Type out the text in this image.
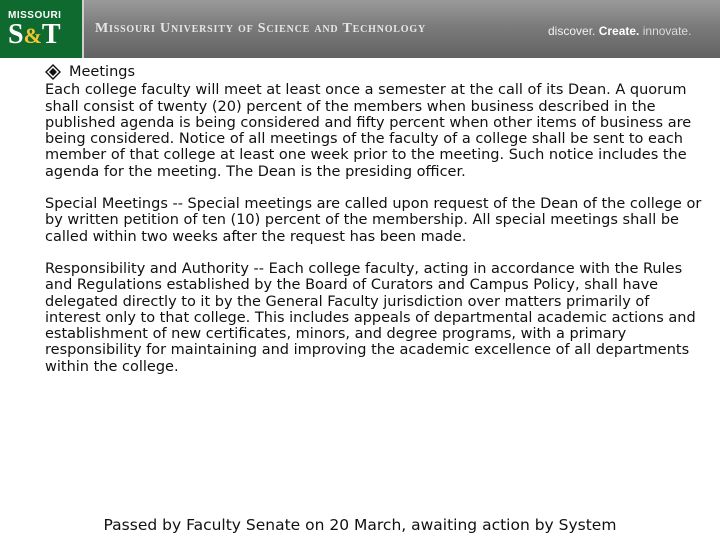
MISSOURI
S&T Missouri University of Science and Technology	discover. Create. innovate.
Meetings

Each college faculty will meet at least once a semester at the call of its Dean. A quorum shall consist of twenty (20) percent of the members when business described in the published agenda is being considered and fifty percent when other items of business are being considered. Notice of all meetings of the faculty of a college shall be sent to each member of that college at least one week prior to the meeting. Such notice includes the agenda for the meeting. The Dean is the presiding officer.

Special Meetings -- Special meetings are called upon request of the Dean of the college or by written petition of ten (10) percent of the membership. All special meetings shall be called within two weeks after the request has been made.

Responsibility and Authority -- Each college faculty, acting in accordance with the Rules and Regulations established by the Board of Curators and Campus Policy, shall have delegated directly to it by the General Faculty jurisdiction over matters primarily of interest only to that college. This includes appeals of departmental academic actions and establishment of new certificates, minors, and degree programs, with a primary responsibility for maintaining and improving the academic excellence of all departments within the college.

Passed by Faculty Senate on 20 March, awaiting action by System
